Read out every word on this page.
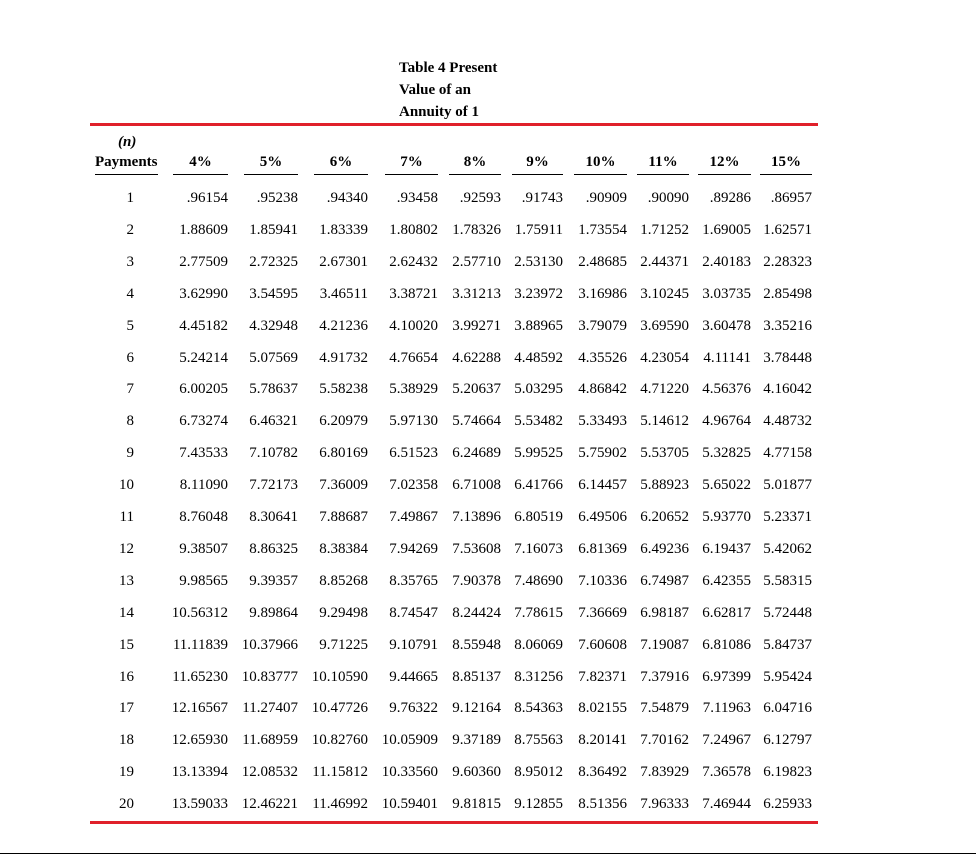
Table 4 Present
Value of an
Annuity of 1
(n)
Payments	4%	5%	6%	7%	8%	9%	10%	11%	12%	15%
1	.96154	.95238	.94340	.93458	.92593	.91743	.90909	.90090	.89286	.86957
2	1.88609	1.85941	1.83339	1.80802 1.78326 1.75911	1.73554 1.71252 1.69005 1.62571
3	2.77509	2.72325	2.67301	2.62432 2.57710 2.53130	2.48685 2.44371 2.40183 2.28323
4	3.62990	3.54595	3.46511	3.38721 3.31213 3.23972	3.16986 3.10245 3.03735 2.85498
5	4.45182	4.32948	4.21236	4.10020 3.99271 3.88965	3.79079 3.69590 3.60478 3.35216
6	5.24214	5.07569	4.91732	4.76654 4.62288 4.48592	4.35526 4.23054 4.11141 3.78448
7	6.00205	5.78637	5.58238	5.38929 5.20637 5.03295	4.86842 4.71220 4.56376 4.16042
8	6.73274	6.46321	6.20979	5.97130 5.74664 5.53482	5.33493 5.14612 4.96764 4.48732
9	7.43533	7.10782	6.80169	6.51523 6.24689 5.99525	5.75902 5.53705 5.32825 4.77158
10	8.11090	7.72173	7.36009	7.02358 6.71008 6.41766	6.14457 5.88923 5.65022 5.01877
11	8.76048	8.30641	7.88687	7.49867 7.13896 6.80519	6.49506 6.20652 5.93770 5.23371
12	9.38507	8.86325	8.38384	7.94269 7.53608 7.16073	6.81369 6.49236 6.19437 5.42062
13	9.98565	9.39357	8.85268	8.35765 7.90378 7.48690	7.10336 6.74987 6.42355 5.58315
14	10.56312	9.89864	9.29498	8.74547 8.24424 7.78615	7.36669 6.98187 6.62817 5.72448
15	11.11839 10.37966	9.71225	9.10791 8.55948 8.06069	7.60608 7.19087 6.81086 5.84737
16	11.65230 10.83777 10.10590	9.44665 8.85137 8.31256	7.82371 7.37916 6.97399 5.95424
17	12.16567 11.27407 10.47726	9.76322 9.12164 8.54363	8.02155 7.54879 7.11963 6.04716
18	12.65930 11.68959 10.82760 10.05909 9.37189 8.75563	8.20141 7.70162 7.24967 6.12797
19	13.13394 12.08532 11.15812 10.33560 9.60360 8.95012	8.36492 7.83929 7.36578 6.19823
20	13.59033 12.46221 11.46992 10.59401 9.81815 9.12855	8.51356 7.96333 7.46944 6.25933
